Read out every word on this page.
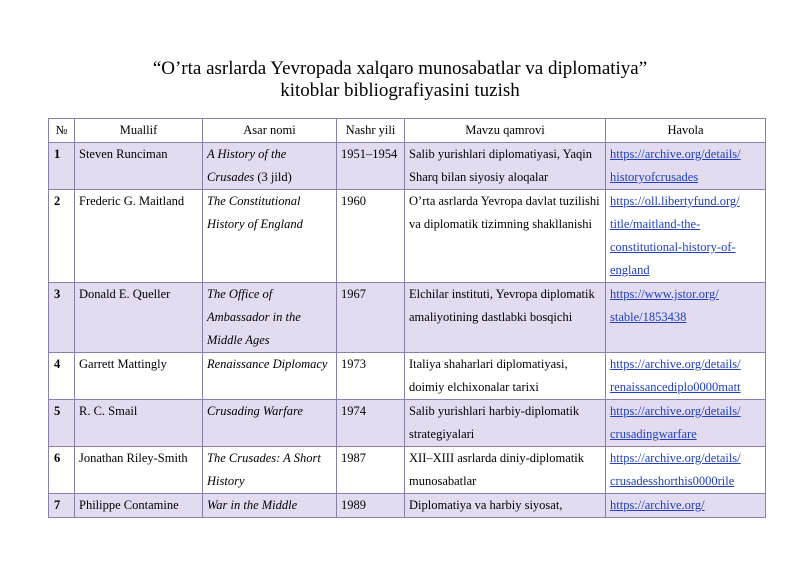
“O’rta asrlarda Yevropada xalqaro munosabatlar va diplomatiya”
kitoblar bibliografiyasini tuzish
№	Muallif	Asar nomi	Nashr yili	Mavzu qamrovi	Havola
1	Steven Runciman	A History of the Crusades (3 jild)	1951–1954	Salib yurishlari diplomatiyasi, Yaqin Sharq bilan siyosiy aloqalar	https://archive.org/details/
historyofcrusades

2	Frederic G. Maitland	The Constitutional History of England	1960	O’rta asrlarda Yevropa davlat tuzilishi va diplomatik tizimning shakllanishi	https://oll.libertyfund.org/
title/maitland-the-
constitutional-history-of-
england

3	Donald E. Queller	The Office of Ambassador in the Middle Ages	1967	Elchilar instituti, Yevropa diplomatik amaliyotining dastlabki bosqichi	https://www.jstor.org/
stable/1853438

4	Garrett Mattingly	Renaissance Diplomacy	1973	Italiya shaharlari diplomatiyasi, doimiy elchixonalar tarixi	https://archive.org/details/
renaissancediplo0000matt

5	R. C. Smail	Crusading Warfare	1974	Salib yurishlari harbiy-diplomatik strategiyalari	https://archive.org/details/
crusadingwarfare

6	Jonathan Riley-Smith	The Crusades: A Short History	1987	XII–XIII asrlarda diniy-diplomatik munosabatlar	https://archive.org/details/
crusadesshorthis0000rile

7	Philippe Contamine	War in the Middle	1989	Diplomatiya va harbiy siyosat,	https://archive.org/
